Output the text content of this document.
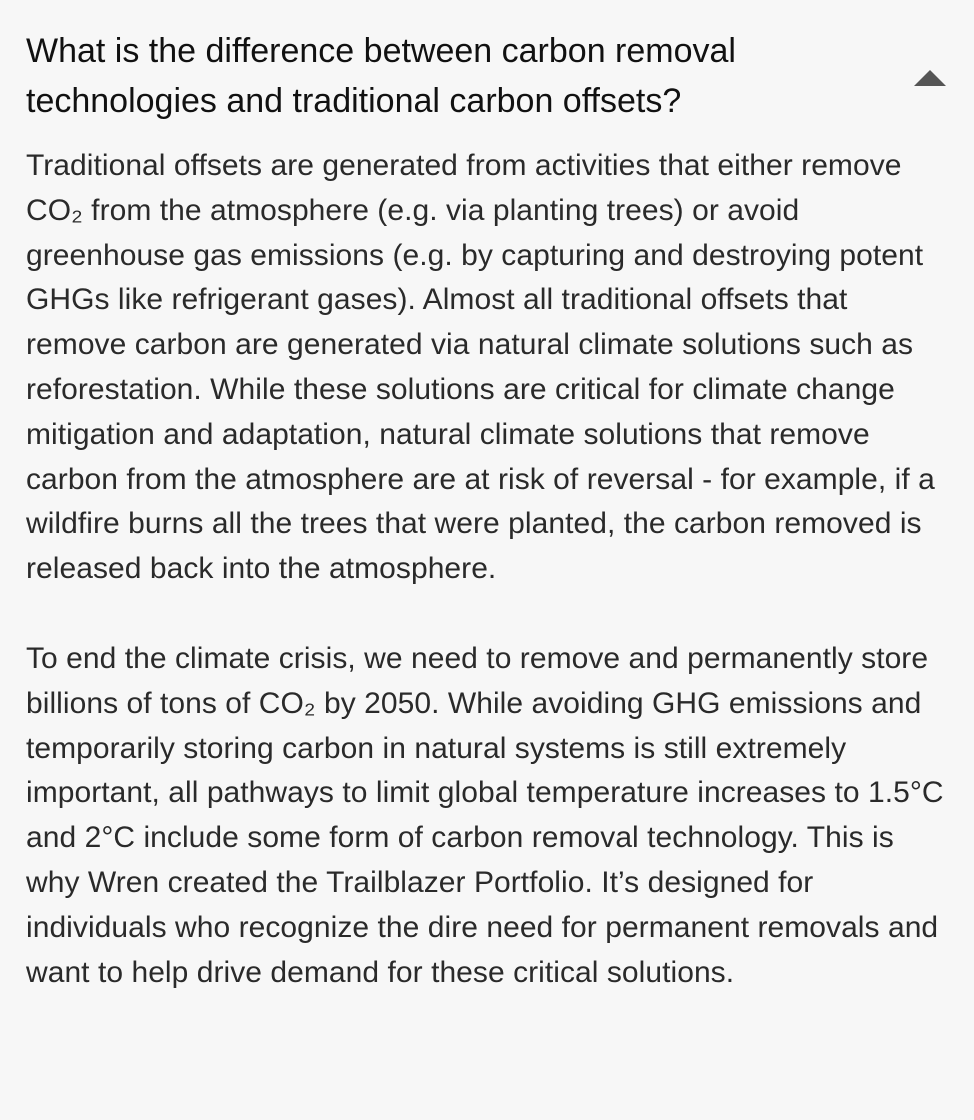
What is the difference between carbon removal technologies and traditional carbon offsets?

Traditional offsets are generated from activities that either remove CO₂ from the atmosphere (e.g. via planting trees) or avoid greenhouse gas emissions (e.g. by capturing and destroying potent GHGs like refrigerant gases). Almost all traditional offsets that remove carbon are generated via natural climate solutions such as reforestation. While these solutions are critical for climate change mitigation and adaptation, natural climate solutions that remove carbon from the atmosphere are at risk of reversal - for example, if a wildfire burns all the trees that were planted, the carbon removed is released back into the atmosphere.

To end the climate crisis, we need to remove and permanently store billions of tons of CO₂ by 2050. While avoiding GHG emissions and temporarily storing carbon in natural systems is still extremely important, all pathways to limit global temperature increases to 1.5°C and 2°C include some form of carbon removal technology. This is why Wren created the Trailblazer Portfolio. It’s designed for individuals who recognize the dire need for permanent removals and want to help drive demand for these critical solutions.
